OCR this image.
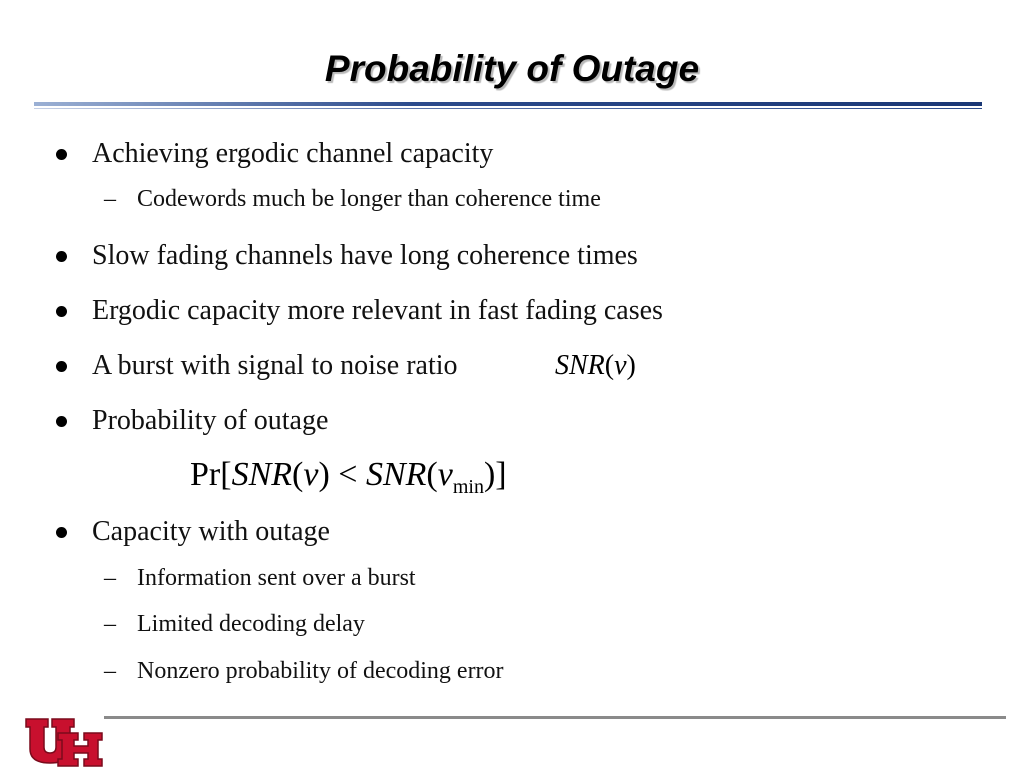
Probability of Outage
Achieving ergodic channel capacity
– Codewords much be longer than coherence time
Slow fading channels have long coherence times
Ergodic capacity more relevant in fast fading cases
A burst with signal to noise ratio	SNR(ν)
Probability of outage
$Pr[SNR(\nu) < SNR(\nu_{min})]$
Capacity with outage
– Information sent over a burst
– Limited decoding delay
– Nonzero probability of decoding error
